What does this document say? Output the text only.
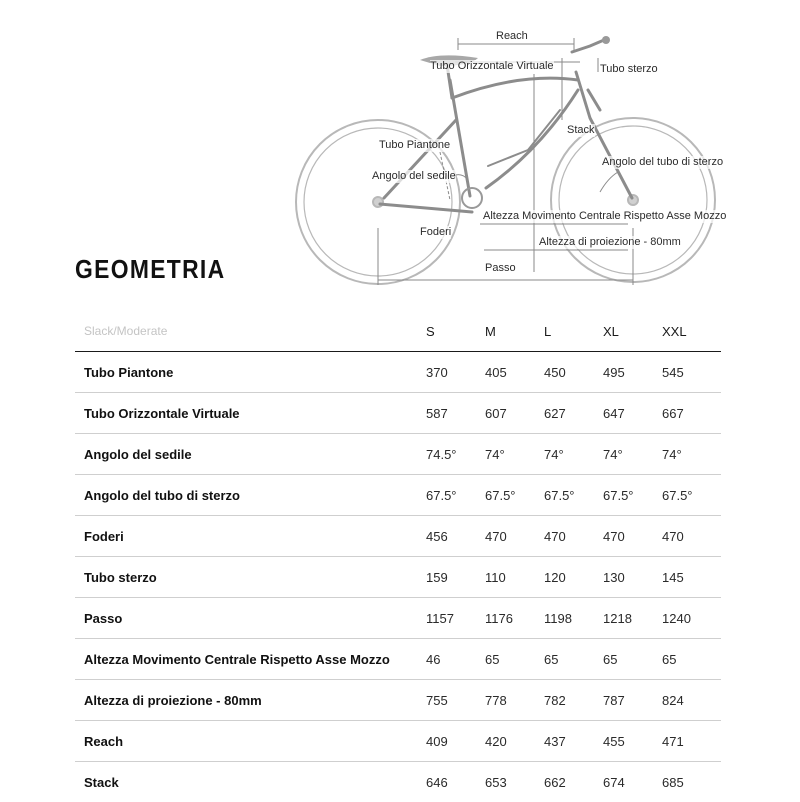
Reach
Tubo Orizzontale Virtuale	Tubo sterzo
Stack
Tubo Piantone
Angolo del tubo di sterzo
Angolo del sedile
Altezza Movimento Centrale Rispetto Asse Mozzo
Foderi
Altezza di proiezione - 80mm
Passo
GEOMETRIA
Slack/Moderate	S	M	L	XL	XXL
Tubo Piantone	370	405	450	495	545
Tubo Orizzontale Virtuale	587	607	627	647	667
Angolo del sedile	74.5°	74°	74°	74°	74°
Angolo del tubo di sterzo	67.5°	67.5°	67.5°	67.5°	67.5°
Foderi	456	470	470	470	470
Tubo sterzo	159	110	120	130	145
Passo	1157	1176	1198	1218	1240
Altezza Movimento Centrale Rispetto Asse Mozzo	46	65	65	65	65
Altezza di proiezione - 80mm	755	778	782	787	824
Reach	409	420	437	455	471
Stack	646	653	662	674	685
